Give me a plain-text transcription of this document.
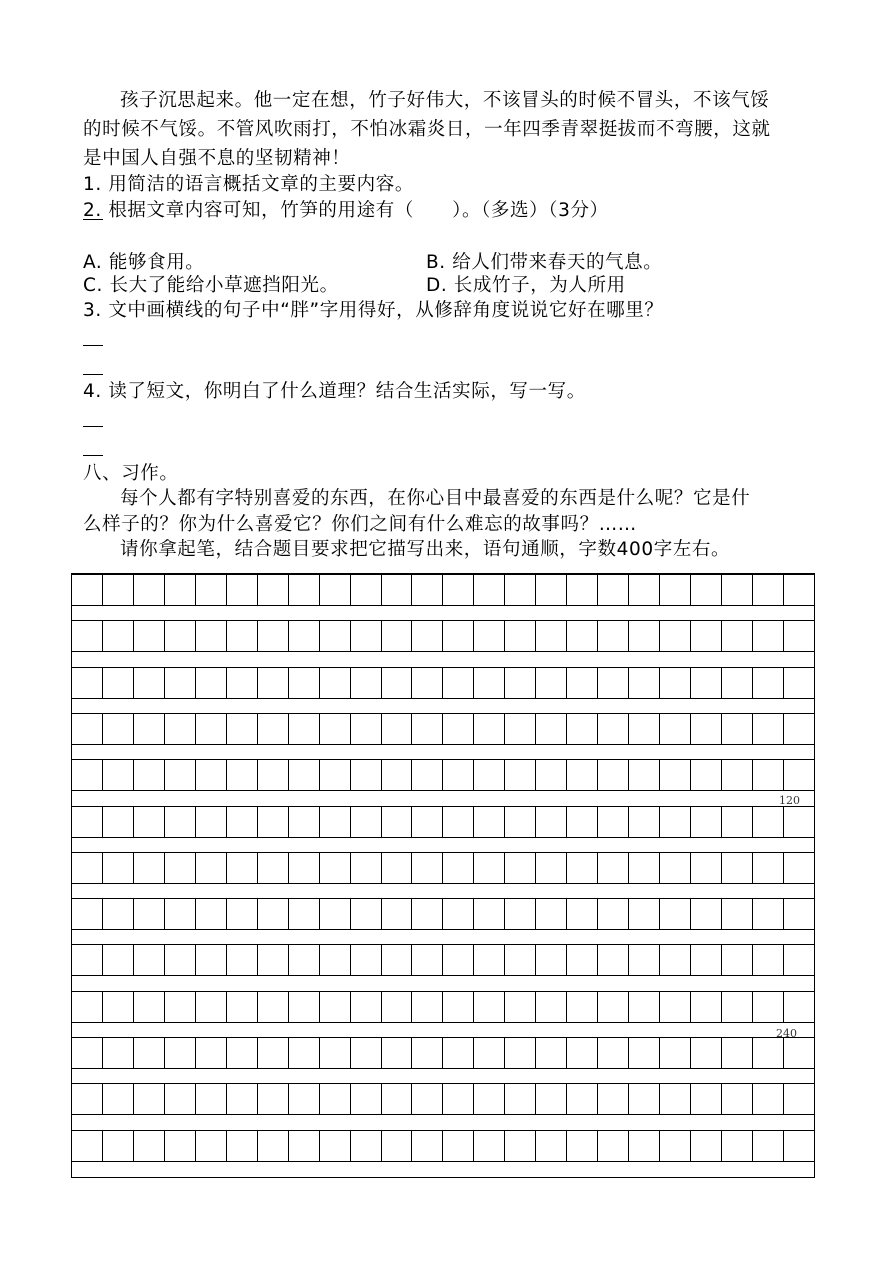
孩子沉思起来。他一定在想，竹子好伟大，不该冒头的时候不冒头，不该气馁
的时候不气馁。不管风吹雨打，不怕冰霜炎日，一年四季青翠挺拔而不弯腰，这就
是中国人自强不息的坚韧精神！
1. 用简洁的语言概括文章的主要内容。
2. 根据文章内容可知，竹笋的用途有（　　）。（多选）（3分）
A. 能够食用。	B. 给人们带来春天的气息。
C. 长大了能给小草遮挡阳光。	D. 长成竹子，为人所用
3. 文中画横线的句子中“胖”字用得好，从修辞角度说说它好在哪里？
4. 读了短文，你明白了什么道理？结合生活实际，写一写。
八、习作。
每个人都有字特别喜爱的东西，在你心目中最喜爱的东西是什么呢？它是什
么样子的？你为什么喜爱它？你们之间有什么难忘的故事吗？……
请你拿起笔，结合题目要求把它描写出来，语句通顺，字数400字左右。
120
240
